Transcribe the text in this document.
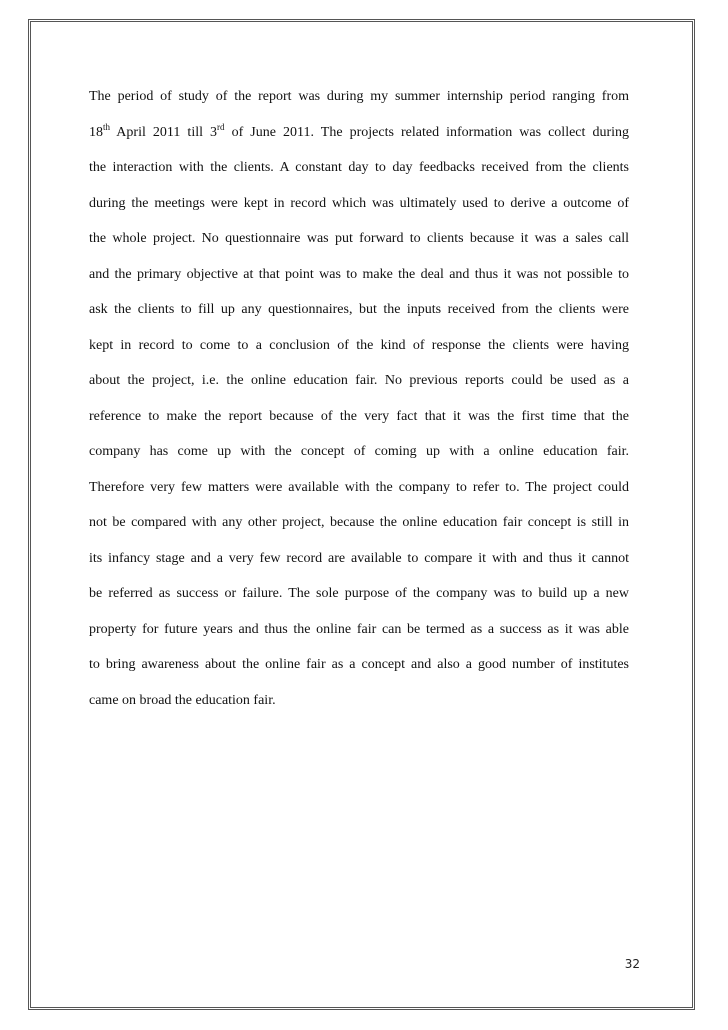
The period of study of the report was during my summer internship period ranging from
18th April 2011 till 3rd of June 2011. The projects related information was collect during
the interaction with the clients. A constant day to day feedbacks received from the clients
during the meetings were kept in record which was ultimately used to derive a outcome of
the whole project. No questionnaire was put forward to clients because it was a sales call
and the primary objective at that point was to make the deal and thus it was not possible to
ask the clients to fill up any questionnaires, but the inputs received from the clients were
kept in record to come to a conclusion of the kind of response the clients were having
about the project, i.e. the online education fair. No previous reports could be used as a
reference to make the report because of the very fact that it was the first time that the
company has come up with the concept of coming up with a online education fair.
Therefore very few matters were available with the company to refer to. The project could
not be compared with any other project, because the online education fair concept is still in
its infancy stage and a very few record are available to compare it with and thus it cannot
be referred as success or failure. The sole purpose of the company was to build up a new
property for future years and thus the online fair can be termed as a success as it was able
to bring awareness about the online fair as a concept and also a good number of institutes
came on broad the education fair.
32
